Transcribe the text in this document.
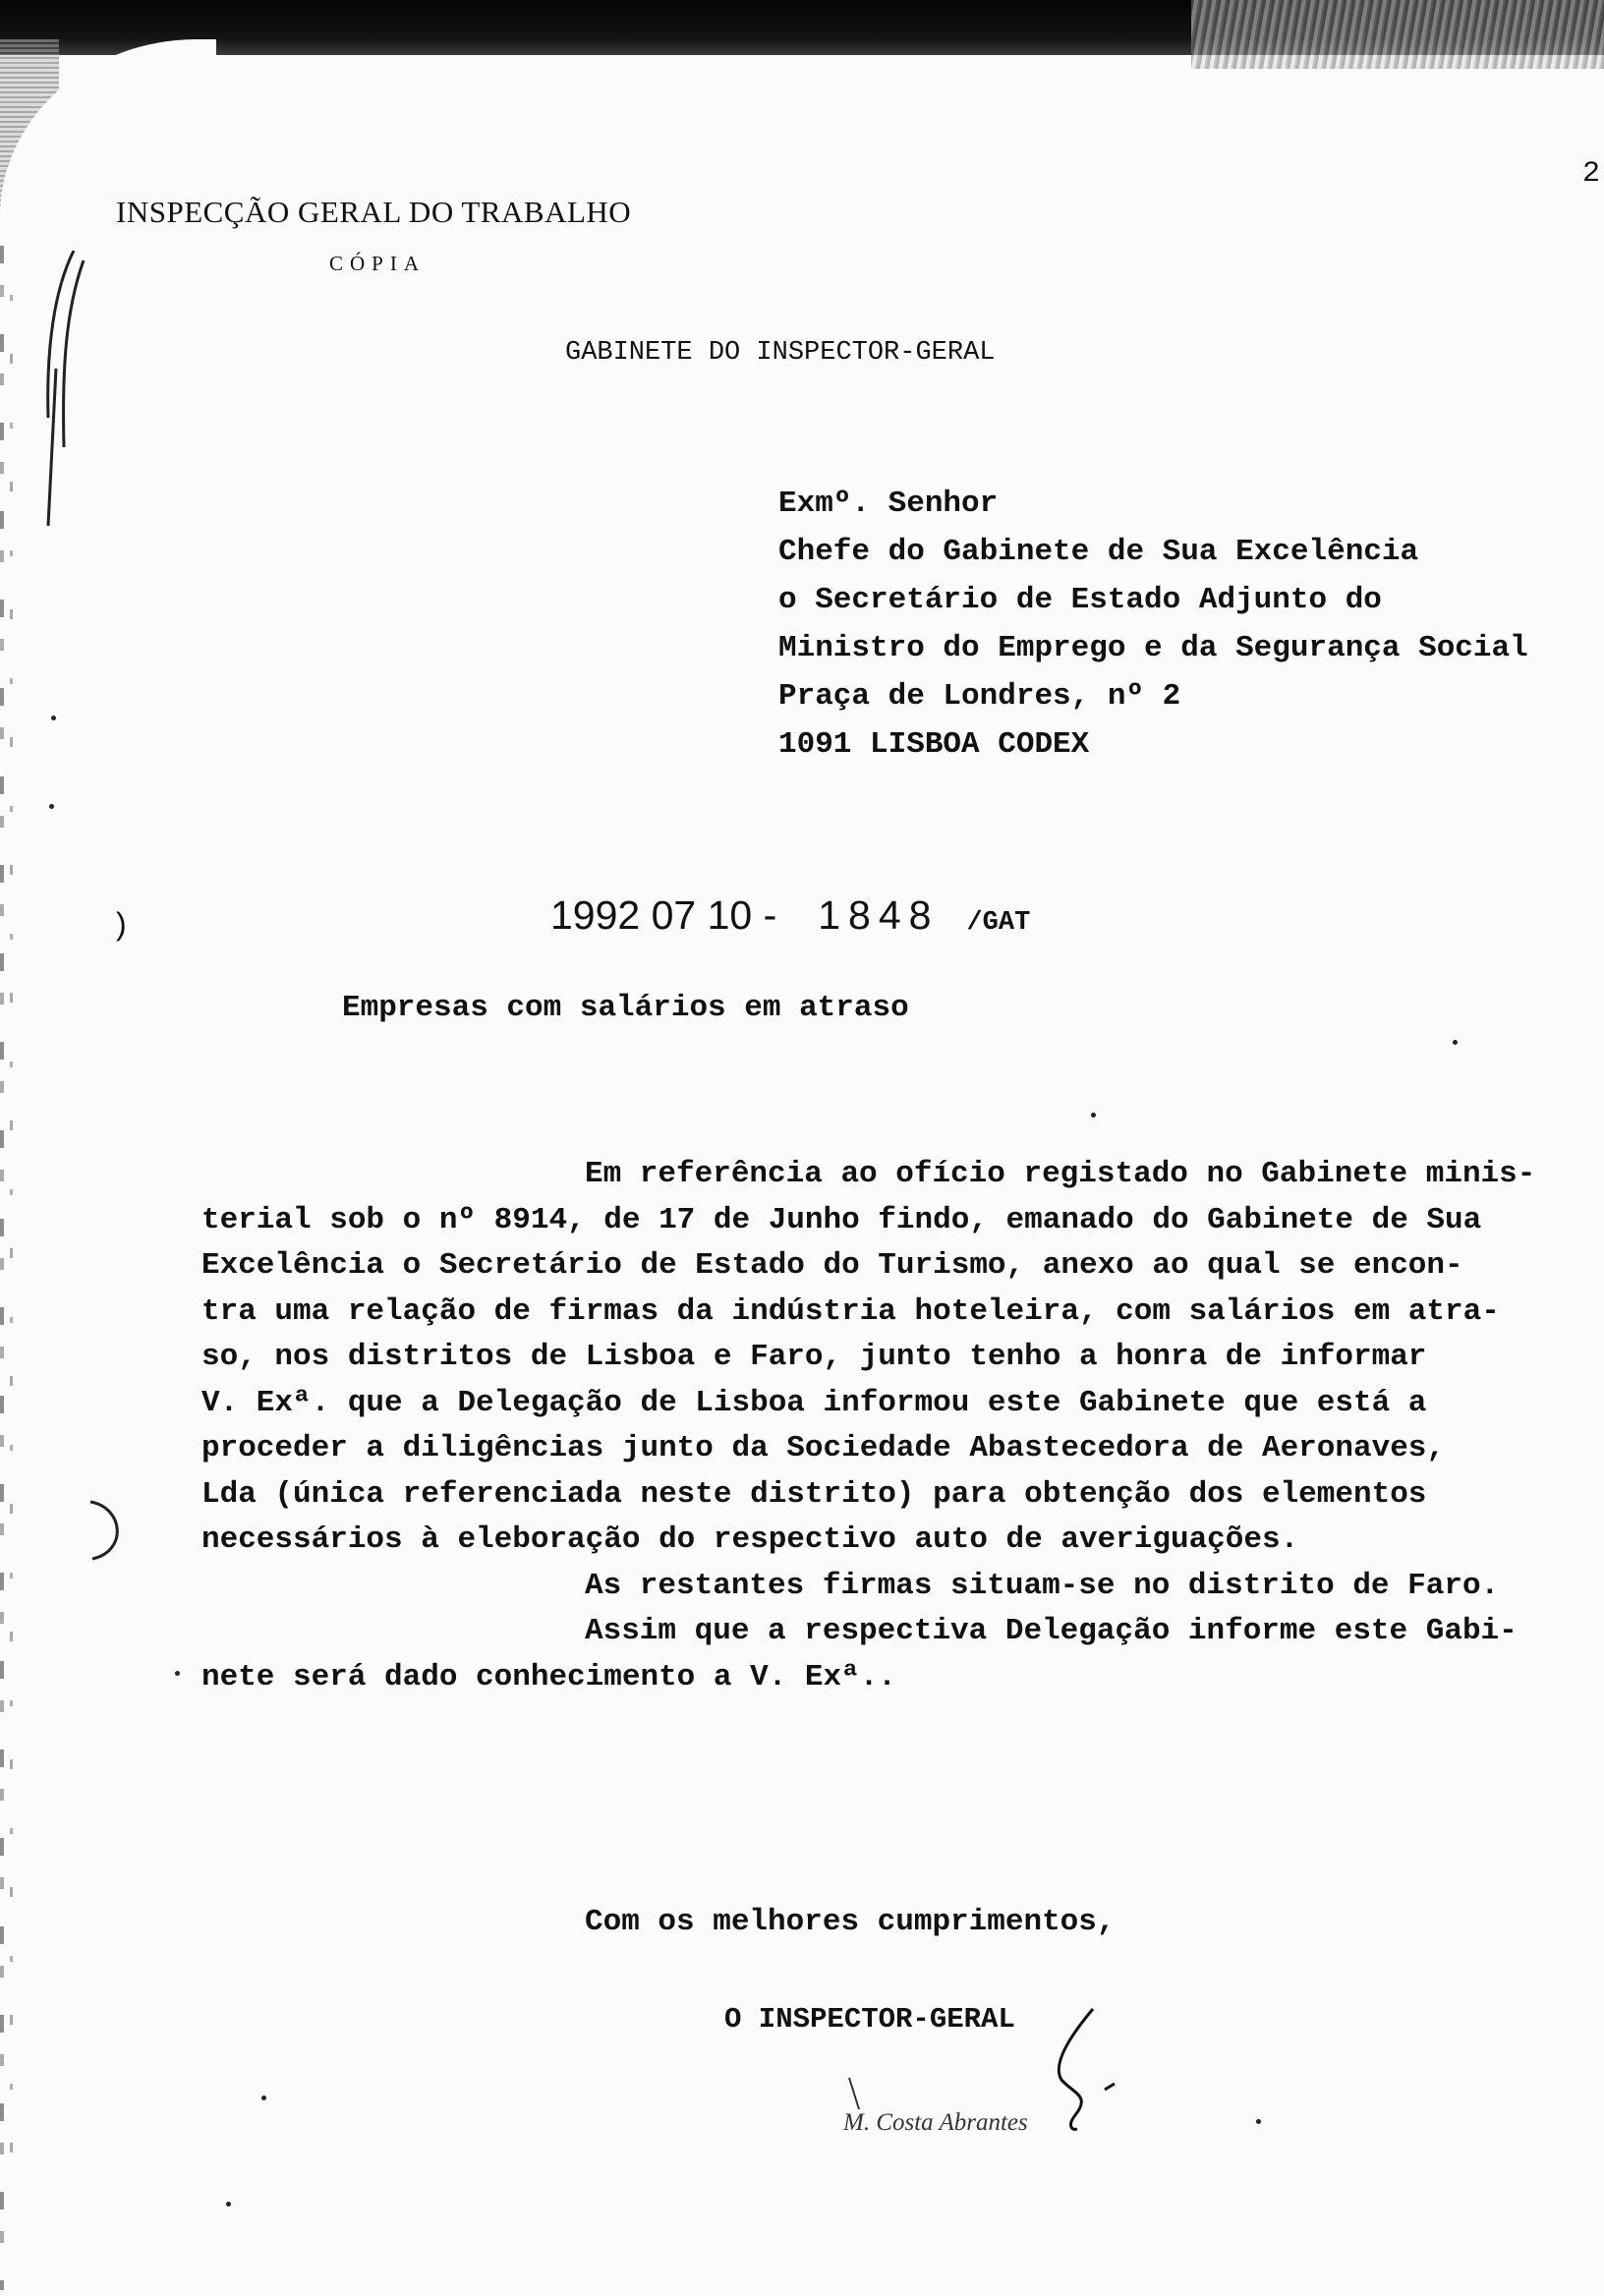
2
INSPECÇÃO GERAL DO TRABALHO
CÓPIA
GABINETE DO INSPECTOR-GERAL
Exmº. Senhor
Chefe do Gabinete de Sua Excelência
o Secretário de Estado Adjunto do
Ministro do Emprego e da Segurança Social
Praça de Londres, nº 2
1091 LISBOA CODEX
)	1992 07 10 - 1848 /GAT
Empresas com salários em atraso
Em referência ao ofício registado no Gabinete minis-
terial sob o nº 8914, de 17 de Junho findo, emanado do Gabinete de Sua
Excelência o Secretário de Estado do Turismo, anexo ao qual se encon-
tra uma relação de firmas da indústria hoteleira, com salários em atra-
so, nos distritos de Lisboa e Faro, junto tenho a honra de informar
V. Exª. que a Delegação de Lisboa informou este Gabinete que está a
proceder a diligências junto da Sociedade Abastecedora de Aeronaves,
Lda (única referenciada neste distrito) para obtenção dos elementos
necessários à eleboração do respectivo auto de averiguações.
As restantes firmas situam-se no distrito de Faro.
Assim que a respectiva Delegação informe este Gabi-
nete será dado conhecimento a V. Exª..
Com os melhores cumprimentos,
O INSPECTOR-GERAL
M. Costa Abrantes
